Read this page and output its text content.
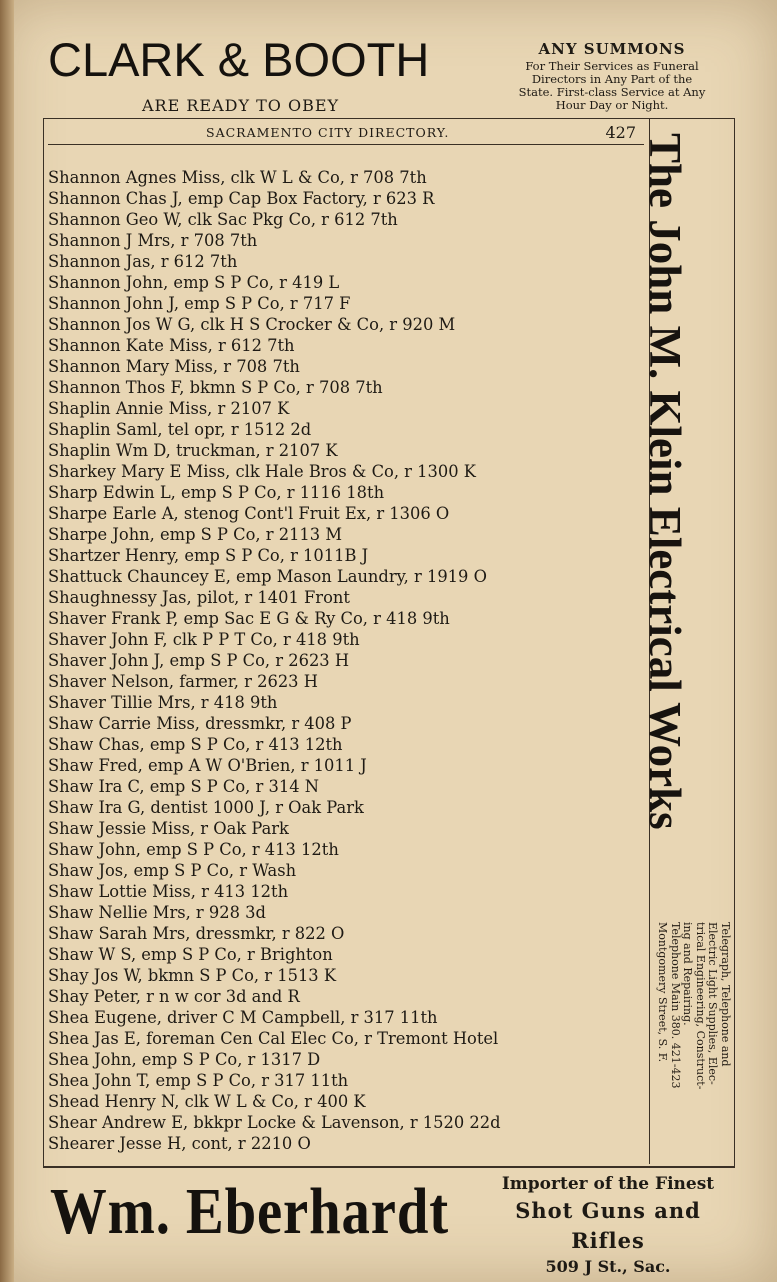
CLARK & BOOTH
ARE READY TO OBEY
ANY SUMMONS
For Their Services as Funeral
Directors in Any Part of the
State. First-class Service at Any
Hour Day or Night.
SACRAMENTO CITY DIRECTORY.	427
Shannon Agnes Miss, clk W L & Co, r 708 7th
Shannon Chas J, emp Cap Box Factory, r 623 R
Shannon Geo W, clk Sac Pkg Co, r 612 7th
Shannon J Mrs, r 708 7th
Shannon Jas, r 612 7th
Shannon John, emp S P Co, r 419 L
Shannon John J, emp S P Co, r 717 F
Shannon Jos W G, clk H S Crocker & Co, r 920 M
Shannon Kate Miss, r 612 7th
Shannon Mary Miss, r 708 7th
Shannon Thos F, bkmn S P Co, r 708 7th
Shaplin Annie Miss, r 2107 K
Shaplin Saml, tel opr, r 1512 2d
Shaplin Wm D, truckman, r 2107 K
Sharkey Mary E Miss, clk Hale Bros & Co, r 1300 K
Sharp Edwin L, emp S P Co, r 1116 18th
Sharpe Earle A, stenog Cont'l Fruit Ex, r 1306 O
Sharpe John, emp S P Co, r 2113 M
Shartzer Henry, emp S P Co, r 1011B J
Shattuck Chauncey E, emp Mason Laundry, r 1919 O
Shaughnessy Jas, pilot, r 1401 Front
Shaver Frank P, emp Sac E G & Ry Co, r 418 9th
Shaver John F, clk P P T Co, r 418 9th
Shaver John J, emp S P Co, r 2623 H
Shaver Nelson, farmer, r 2623 H
Shaver Tillie Mrs, r 418 9th
Shaw Carrie Miss, dressmkr, r 408 P
Shaw Chas, emp S P Co, r 413 12th
Shaw Fred, emp A W O'Brien, r 1011 J
Shaw Ira C, emp S P Co, r 314 N
Shaw Ira G, dentist 1000 J, r Oak Park
Shaw Jessie Miss, r Oak Park
Shaw John, emp S P Co, r 413 12th
Shaw Jos, emp S P Co, r Wash
Shaw Lottie Miss, r 413 12th
Shaw Nellie Mrs, r 928 3d
Shaw Sarah Mrs, dressmkr, r 822 O
Shaw W S, emp S P Co, r Brighton
Shay Jos W, bkmn S P Co, r 1513 K
Shay Peter, r n w cor 3d and R
Shea Eugene, driver C M Campbell, r 317 11th
Shea Jas E, foreman Cen Cal Elec Co, r Tremont Hotel
Shea John, emp S P Co, r 1317 D
Shea John T, emp S P Co, r 317 11th
Shead Henry N, clk W L & Co, r 400 K
Shear Andrew E, bkkpr Locke & Lavenson, r 1520 22d
Shearer Jesse H, cont, r 2210 O
The John M. Klein Electrical Works
Telegraph, Telephone and
Electric Light Supplies, Elec-
trical Engineering, Construct-
ing and Repairing.
Telephone Main 380. 421-423
Montgomery Street, S. F.
Wm. Eberhardt	Importer of the Finest
Shot Guns and Rifles
509 J St., Sac.
